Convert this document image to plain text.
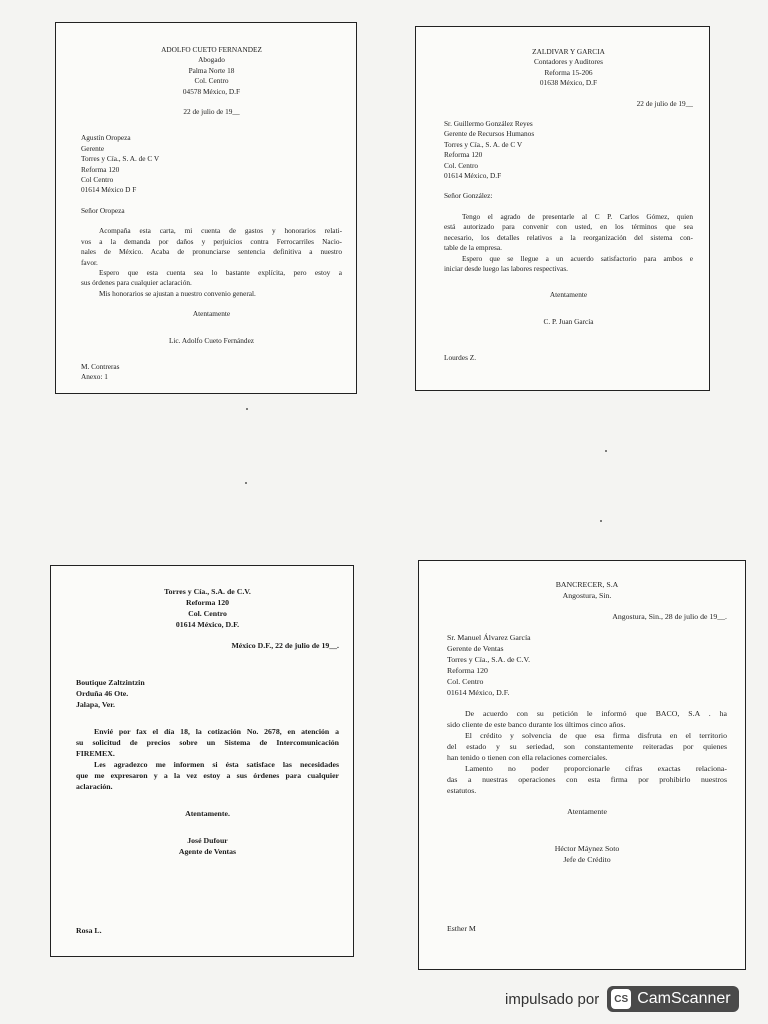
ADOLFO CUETO FERNANDEZ
Abogado
Palma Norte 18
Col. Centro
04578 México, D.F
22 de julio de 19__
Agustín Oropeza
Gerente
Torres y Cía., S. A. de C V
Reforma 120
Col Centro
01614 México D F
Señor Oropeza
Acompaña esta carta, mi cuenta de gastos y honorarios relati-
vos a la demanda por daños y perjuicios contra Ferrocarriles Nacio-
nales de México. Acaba de pronunciarse sentencia definitiva a nuestro
favor.
Espero que esta cuenta sea lo bastante explícita, pero estoy a
sus órdenes para cualquier aclaración.
Mis honorarios se ajustan a nuestro convenio general.
Atentamente
Lic. Adolfo Cueto Fernández
M. Contreras
Anexo: 1
ZALDIVAR Y GARCIA
Contadores y Auditores
Reforma 15-206
01638 México, D.F
22 de julio de 19__
Sr. Guillermo González Reyes
Gerente de Recursos Humanos
Torres y Cía., S. A. de C V
Reforma 120
Col. Centro
01614 México, D.F
Señor González:
Tengo el agrado de presentarle al C P. Carlos Gómez, quien
está autorizado para convenir con usted, en los términos que sea
necesario, los detalles relativos a la reorganización del sistema con-
table de la empresa.
Espero que se llegue a un acuerdo satisfactorio para ambos e
iniciar desde luego las labores respectivas.
Atentamente
C. P. Juan García
Lourdes Z.
Torres y Cía., S.A. de C.V.
Reforma 120
Col. Centro
01614 México, D.F.
México D.F., 22 de julio de 19__.
Boutique Zaltzintzin
Orduña 46 Ote.
Jalapa, Ver.
Envié por fax el día 18, la cotización No. 2678, en atención a
su solicitud de precios sobre un Sistema de Intercomunicación
FIREMEX.
Les agradezco me informen si ésta satisface las necesidades
que me expresaron y a la vez estoy a sus órdenes para cualquier
aclaración.
Atentamente.
José Dufour
Agente de Ventas
Rosa L.
BANCRECER, S.A
Angostura, Sin.
Angostura, Sin., 28 de julio de 19__.
Sr. Manuel Álvarez García
Gerente de Ventas
Torres y Cía., S.A. de C.V.
Reforma 120
Col. Centro
01614 México, D.F.
De acuerdo con su petición le informó que BACO, S.A . ha
sido cliente de este banco durante los últimos cinco años.
El crédito y solvencia de que esa firma disfruta en el territorio
del estado y su seriedad, son constantemente reiteradas por quienes
han tenido o tienen con ella relaciones comerciales.
Lamento no poder proporcionarle cifras exactas relaciona-
das a nuestras operaciones con esta firma por prohibirlo nuestros
estatutos.
Atentamente
Héctor Máynez Soto
Jefe de Crédito
Esther M
impulsado por	CS CamScanner
